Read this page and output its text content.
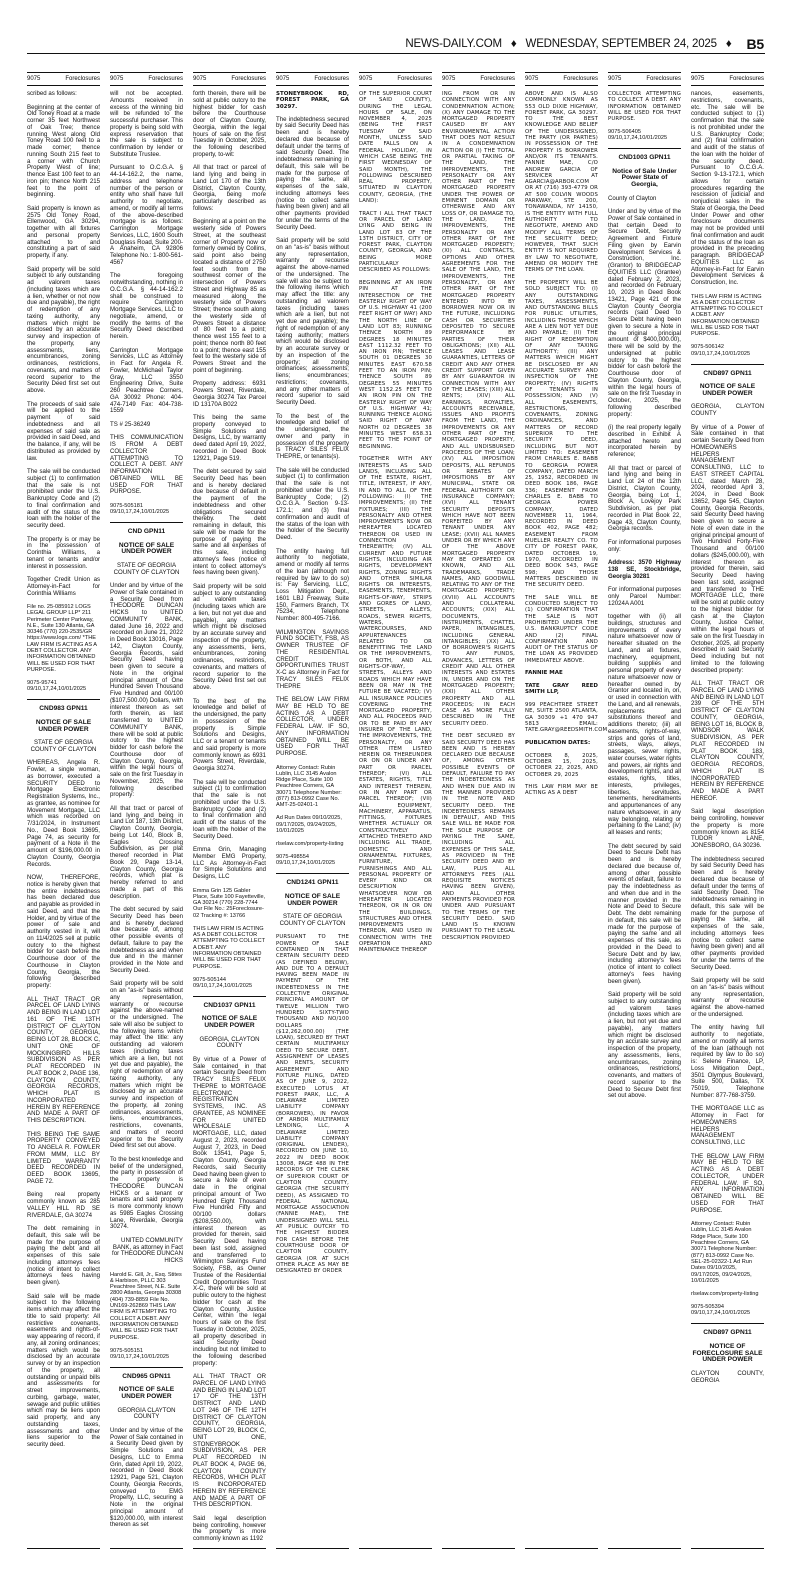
NEWS-DAILY.COM ♦ WEDNESDAY, SEPTEMBER 24, 2025 ♦ B5
9075	Foreclosures

scribed as follows:

Beginning at the center of Old Toney Road at a made corner 35 feet Northwest of Oak Tree; thence running West along Old Toney Road 100 feet to a made corner; thence running South 215 feet to a corner with Church Property West of line; thence East 100 feet to an iron pin; thence North 215 feet to the point of beginning.

Said property is known as 2575 Old Toney Road, Ellenwood, GA 30294, together with all fixtures and personal property attached to and constituting a part of said property, if any.

Said property will be sold subject to any outstanding ad valorem taxes (including taxes which are a lien, whether or not now due and payable), the right of redemption of any taxing authority, any matters which might be disclosed by an accurate survey and inspection of the property, any assessments, liens, encumbrances, zoning ordinances, restrictions, covenants, and matters of record superior to the Security Deed first set out above.

The proceeds of said sale will be applied to the payment of said indebtedness and all expenses of said sale as provided in said Deed, and the balance, if any, will be distributed as provided by law.

The sale will be conducted subject (1) to confirmation that the sale is not prohibited under the U.S. Bankruptcy Code and (2) to final confirmation and audit of the status of the loan with the holder of the security deed.

The property is or may be in the possession of Corinthia Williams, a tenant or tenants and/or interest in possession.

Together Credit Union as Attorney-in-Fact for Corinthia Williams

File no. 25-085912 LOGS LEGAL GROUP LLP* 211 Perimeter Center Parkway, N.E., Suite 130 Atlanta, GA 30346 (770) 220-2535/GR https://www.logs.com/ *THE LAW FIRM IS ACTING AS A DEBT COLLECTOR. ANY INFORMATION OBTAINED WILL BE USED FOR THAT PURPOSE.

9075-95741 09/10,17,24,10/01/2025

CND983 GPN11

NOTICE OF SALE UNDER POWER

STATE OF GEORGIA COUNTY OF CLAYTON

WHEREAS, Angela R. Fowler, a single woman, as borrower, executed a SECURITY DEED to Mortgage Electronic Registration Systems, Inc., as grantee, as nominee for Movement Mortgage, LLC which was recorded on 7/31/2024, in Instrument No., Deed Book 13695, Page 74, as security for payment of a Note in the amount of $196,000.00 in Clayton County, Georgia Records.

NOW, THEREFORE, notice is hereby given that the entire indebtedness has been declared due and payable as provided in said Deed, and that the Holder, and by virtue of the power of sale and authority vested in it, will on 11/4/2025 sell at public outcry to the highest bidder for cash before the Courthouse door of the Courthouse in Clayton County, Georgia, the following described property:

ALL THAT TRACT OR PARCEL OF LAND LYING AND BEING IN LAND LOT 161 OF THE 13TH DISTRICT OF CLAYTON COUNTY, GEORGIA, BEING LOT 28, BLOCK C, UNIT ONE OF MOCKINGBIRD HILLS SUBDIVISION AS PER PLAT RECORDED IN PLAT BOOK 2, PAGE 136, CLAYTON COUNTY, GEORGIA RECORDS, WHICH PLAT IS INCORPORATED HEREIN BY REFERENCE AND MADE A PART OF THIS DESCRIPTION.

THIS BEING THE SAME PROPERTY CONVEYED TO ANGELA R. FOWLER FROM MMM, LLC BY LIMITED WARRANTY DEED RECORDED IN DEED BOOK 13695, PAGE 72.

Being real property commonly known as 285 VALLEY HILL RD SE RIVERDALE, GA 30274

The debt remaining in default, this sale will be made for the purpose of paying the debt and all expenses of this sale including attorneys fees (notice of intent to collect attorneys fees having been given).

Said sale will be made subject to the following items which may affect the title to said property: All restrictive covenants, easements and rights-of-way appearing of record, if any, all zoning ordinances; matters which would be disclosed by an accurate survey or by an inspection of the property, all outstanding or unpaid bills and assessments for street improvements, curbing, garbage, water, sewage and public utilities which may be liens upon said property, and any outstanding taxes, assessments and other liens superior to the security deed.

9075	Foreclosures

will not be accepted. Amounts received in excess of the winning bid will be refunded to the successful purchaser. This property is being sold with express reservation that the sale is subject to confirmation by lender or Substitute Trustee.

Pursuant to O.C.G.A. § 44-14-162.2, the name, address and telephone number of the person or entity who shall have full authority to negotiate, amend, or modify all terms of the above-described mortgage is as follows: Carrington Mortgage Services, LLC, 1600 South Douglass Road, Suite 200-A Anaheim, CA 92806 Telephone No.: 1-800-561-4567

The foregoing notwithstanding, nothing in O.C.G.A. § 44-14-162.2 shall be construed to require Carrington Mortgage Services, LLC to negotiate, amend, or modify the terms of the Security Deed described herein.

Carrington Mortgage Services, LLC as Attorney in Fact for Angela R. Fowler, McMichael Taylor Gray, LLC 3550 Engineering Drive, Suite 260 Peachtree Corners, GA 30092 Phone: 404-474-7149 Fax: 404-738-1559

TS # 25-36249

THIS COMMUNICATION IS FROM A DEBT COLLECTOR ATTEMPTING TO COLLECT A DEBT. ANY INFORMATION OBTAINED WILL BE USED FOR THAT PURPOSE.

9075-505181 09/10,17,24,10/01/2025

CND GPN11

NOTICE OF SALE UNDER POWER

STATE OF GEORGIA COUNTY OF CLAYTON

Under and by virtue of the Power of Sale contained in a Security Deed from THEODORE DUNCAN HICKS to UNITED COMMUNITY BANK, dated June 16, 2022 and recorded on June 21, 2022 in Deed Book 13016, Page 142, Clayton County, Georgia Records, said Security Deed having been given to secure a Note in the original principal amount of One Hundred Seven Thousand Five Hundred and 00/100 ($107,500.00) Dollars, with interest thereon as set forth therein, as last transferred to UNITED COMMUNITY BANK, there will be sold at public outcry to the highest bidder for cash before the Courthouse door of Clayton County, Georgia, within the legal hours of sale on the first Tuesday in November, 2025, the following described property:

All that tract or parcel of land lying and being in Land Lot 187, 13th District, Clayton County, Georgia, being Lot 140, Block B, Eagles Crossing Subdivision, as per plat thereof recorded in Plat Book 29, Page 13-14, Clayton County, Georgia records, which plat is hereby referred to and made a part of this description.

The debt secured by said Security Deed has been and is hereby declared due because of, among other possible events of default, failure to pay the indebtedness as and when due and in the manner provided in the Note and Security Deed.

Said property will be sold on an "as-is" basis without any representation, warranty or recourse against the above-named or the undersigned. The sale will also be subject to the following items which may affect the title: any outstanding ad valorem taxes (including taxes which are a lien, but not yet due and payable), the right of redemption of any taxing authority, any matters which might be disclosed by an accurate survey and inspection of the property, all zoning ordinances, assessments, liens, encumbrances, restrictions, covenants, and matters of record superior to the Security Deed first set out above.

To the best knowledge and belief of the undersigned, the party in possession of the property is THEODORE DUNCAN HICKS or a tenant or tenants and said property is more commonly known as 5985 Eagles Crossing Lane, Riverdale, Georgia 30274.

UNITED COMMUNITY BANK, as attorney in Fact for THEODORE DUNCAN HICKS

Harold E. Gill, Jr., Esq. Stites & Harbison, PLLC 303 Peachtree Street, N.E. Suite 2800 Atlanta, Georgia 30308 (404) 739-8859 File No. UN169-262869 THIS LAW FIRM IS ATTEMPTING TO COLLECT A DEBT. ANY INFORMATION OBTAINED WILL BE USED FOR THAT PURPOSE.

9075-505151 09/10,17,24,10/01/2025

CND965 GPN11

NOTICE OF SALE UNDER POWER

GEORGIA CLAYTON COUNTY

Under and by virtue of the Power of Sale contained in a Security Deed given by Simple Solutions and Designs, LLC to Emma Grin, dated April 19, 2022, recorded in Deed Book 12921, Page 521, Clayton County, Georgia Records, conveyed to EMG Property, LLC, securing a Note in the original principal amount of $120,000.00, with interest thereon as set

9075	Foreclosures

forth therein, there will be sold at public outcry to the highest bidder for cash before the Courthouse door of Clayton County, Georgia, within the legal hours of sale on the first Tuesday in October, 2025, the following described property, to-wit:

All that tract or parcel of land lying and being in Land Lot 170 of the 13th District, Clayton County, Georgia, being more particularly described as follows:

Beginning at a point on the westerly side of Powers Street, at the southeast corner of Property now or formerly owned by Collins, said point also being located a distance of 2750 feet south from the southwest corner of the intersection of Powers Street and Highway 85 as measured along the westerly side of Powers Street; thence south along the westerly side of Powers Street a distance of 80 feet to a point; thence west 155 feet to a point; thence north 80 feet to a point; thence east 155 feet to the westerly side of Powers Street and the point of beginning.

Property address: 6931 Powers Street, Riverdale, Georgia 30274 Tax Parcel ID 13170A B022

This being the same property conveyed to Simple Solutions and Designs, LLC, by warranty deed dated April 19, 2022, recorded in Deed Book 12921, Page 519.

The debt secured by said Security Deed has been and is hereby declared due because of default in the payment of the indebtedness and other obligations secured thereby. The debt remaining in default, this sale will be made for the purpose of paying the same and all expenses of this sale, including attorney's fees (notice of intent to collect attorney's fees having been given).

Said property will be sold subject to any outstanding ad valorem taxes (including taxes which are a lien, but not yet due and payable), any matters which might be disclosed by an accurate survey and inspection of the property, any assessments, liens, encumbrances, zoning ordinances, restrictions, covenants, and matters of record superior to the Security Deed first set out above.

To the best of the knowledge and belief of the undersigned, the party in possession of the property is Simple Solutions and Designs, LLC or a tenant or tenants and said property is more commonly known as 6931 Powers Street, Riverdale, Georgia 30274.

The sale will be conducted subject (1) to confirmation that the sale is not prohibited under the U.S. Bankruptcy Code and (2) to final confirmation and audit of the status of the loan with the holder of the Security Deed.

Emma Grin, Managing Member EMG Property, LLC As Attorney-in-Fact for Simple Solutions and Designs, LLC

Emma Grin 125 Gabler Place, Suite 100 Fayetteville, GA 30214 (770) 228-7744 Our File No.: 25Foreclosure-02 Tracking #: 13766

THIS LAW FIRM IS ACTING AS A DEBT COLLECTOR ATTEMPTING TO COLLECT A DEBT. ANY INFORMATION OBTAINED WILL BE USED FOR THAT PURPOSE.

9075-505144 09/10,17,24,10/01/2025

CND1037 GPN11

NOTICE OF SALE UNDER POWER

GEORGIA, CLAYTON COUNTY

By virtue of a Power of Sale contained in that certain Security Deed from TRACY SILES FELIX THEPRE to MORTGAGE ELECTRONIC REGISTRATION SYSTEMS, INC. AS GRANTEE, AS NOMINEE FOR UNITED WHOLESALE MORTGAGE, LLC, dated August 2, 2023, recorded August 7, 2023, in Deed Book 13541, Page 5, Clayton County, Georgia Records, said Security Deed having been given to secure a Note of even date in the original principal amount of Two Hundred Eight Thousand Five Hundred Fifty and 00/100 dollars ($208,550.00), with interest thereon as provided for therein, said Security Deed having been last sold, assigned and transferred to Wilmington Savings Fund Society, FSB, as Owner Trustee of the Residential Credit Opportunities Trust X-C, there will be sold at public outcry to the highest bidder for cash at the Clayton County, Justice Center, within the legal hours of sale on the first Tuesday in October, 2025, all property described in said Security Deed including but not limited to the following described property:

ALL THAT TRACT OR PARCEL OF LAND LYING AND BEING IN LAND LOT 17 OF THE 13TH DISTRICT AND LAND LOT 246 OF THE 12TH DISTRICT OF CLAYTON COUNTY, GEORGIA, BEING LOT 29, BLOCK C, UNIT ONE, STONEYBROOK SUBDIVISION, AS PER PLAT RECORDED IN PLAT BOOK 4, PAGE 96, CLAYTON COUNTY RECORDS, WHICH PLAT IS INCORPORATED HEREIN BY REFERENCE AND MADE A PART OF THIS DESCRIPTION.

Said legal description being controlling, however the property is more commonly known as 1192

9075	Foreclosures

STONEYBROOK RD, FOREST PARK, GA 30297.

The indebtedness secured by said Security Deed has been and is hereby declared due because of default under the terms of said Security Deed. The indebtedness remaining in default, this sale will be made for the purpose of paying the same, all expenses of the sale, including attorneys fees (notice to collect same having been given) and all other payments provided for under the terms of the Security Deed.

Said property will be sold on an "as-is" basis without any representation, warranty or recourse against the above-named or the undersigned. The sale will also be subject to the following items which may affect the title: any outstanding ad valorem taxes (including taxes which are a lien, but not yet due and payable); the right of redemption of any taxing authority; matters which would be disclosed by an accurate survey or by an inspection of the property; all zoning ordinances; assessments; liens; encumbrances; restrictions; covenants, and any other matters of record superior to said Security Deed.

To the best of the knowledge and belief of the undersigned, the owner and party in possession of the property is TRACY SILES FELIX THEPRE, or tenants(s).

The sale will be conducted subject (1) to confirmation that the sale is not prohibited under the U.S. Bankruptcy Code; (2) O.C.G.A. Section 9-13-172.1; and (3) final confirmation and audit of the status of the loan with the holder of the Security Deed.

The entity having full authority to negotiate, amend or modify all terms of the loan (although not required by law to do so) is: Fay Servicing, LLC, Loss Mitigation Dept., 1601 LBJ Freeway, Suite 150, Farmers Branch, TX 75234, Telephone Number: 800-495-7166.

WILMINGTON SAVINGS FUND SOCIETY, FSB, AS OWNER TRUSTEE OF THE RESIDENTIAL CREDIT OPPORTUNITIES TRUST X-C as Attorney in Fact for TRACY SILES FELIX THEPRE

THE BELOW LAW FIRM MAY BE HELD TO BE ACTING AS A DEBT COLLECTOR, UNDER FEDERAL LAW. IF SO, ANY INFORMATION OBTAINED WILL BE USED FOR THAT PURPOSE.

Attorney Contact: Rubin Lublin, LLC 3145 Avalon Ridge Place, Suite 100 Peachtree Corners, GA 30071 Telephone Number: (877) 813-0992 Case No. AMT-25-02401-1

Ad Run Dates 09/10/2025, 09/17/2025, 09/24/2025, 10/01/2025

rlselaw.com/property-listing

9075-498554 09/10,17,24,10/01/2025

CND1241 GPN11

NOTICE OF SALE UNDER POWER

STATE OF GEORGIA COUNTY OF CLAYTON

PURSUANT TO THE POWER OF SALE CONTAINED IN THAT CERTAIN SECURITY DEED (AS DEFINED BELOW), AND DUE TO A DEFAULT HAVING BEEN MADE IN PAYMENT OF THE INDEBTEDNESS IN THE COLLECTIVE ORIGINAL PRINCIPAL AMOUNT OF TWELVE MILLION TWO HUNDRED SIXTY-TWO THOUSAND AND NO/100 DOLLARS ($12,262,000.00) (THE LOAN), SECURED BY THAT CERTAIN MULTIFAMILY DEED TO SECURE DEBT, ASSIGNMENT OF LEASES AND RENTS, SECURITY AGREEMENT AND FIXTURE FILING, DATED AS OF JUNE 9, 2022, EXECUTED LOTUS AT FOREST PARK, LLC, A DELAWARE LIMITED LIABILITY COMPANY (BORROWER), IN FAVOR OF ARBOR MULTIFAMILY LENDING, LLC, A DELAWARE LIMITED LIABILITY COMPANY (ORIGINAL LENDER), RECORDED ON JUNE 10, 2022 IN DEED BOOK 13008, PAGE 488 IN THE RECORDS OF THE CLERK OF SUPERIOR COURT OF CLAYTON COUNTY, GEORGIA (THE SECURITY DEED), AS ASSIGNED TO FEDERAL NATIONAL MORTGAGE ASSOCIATION (FANNIE MAE), THE UNDERSIGNED WILL SELL AT PUBLIC OUTCRY TO THE HIGHEST BIDDER FOR CASH BEFORE THE COURTHOUSE DOOR OF CLAYTON COUNTY, GEORGIA (OR AT SUCH OTHER PLACE AS MAY BE DESIGNATED BY ORDER

9075	Foreclosures

OF THE SUPERIOR COURT OF SAID COUNTY), DURING THE LEGAL HOURS OF SALE, ON NOVEMBER 4, 2025 (BEING THE FIRST TUESDAY OF SAID MONTH, UNLESS SAID DATE FALLS ON A FEDERAL HOLIDAY, IN WHICH CASE BEING THE FIRST WEDNESDAY OF SAID MONTH), THE FOLLOWING DESCRIBED REAL PROPERTY, SITUATED IN CLAYTON COUNTY, GEORGIA, (THE LAND):

TRACT I ALL THAT TRACT OR PARCEL OF LAND LYING AND BEING IN LAND LOT 83 OF THE 13TH DISTRICT, CITY OF FOREST PARK, CLAYTON COUNTY, GEORGIA, AND BEING MORE PARTICULARLY DESCRIBED AS FOLLOWS:

BEGINNING AT AN IRON PIN AT THE INTERSECTION OF THE EASTERLY RIGHT OF WAY OF U.S. HIGHWAY 41 (200 FEET RIGHT OF WAY) AND THE NORTH LINE OF LAND LOT 83; RUNNING THENCE NORTH 89 DEGREES 18 MINUTES EAST 1112.32 FEET TO AN IRON PIN; THENCE SOUTH 01 DEGREES 30 MINUTES EAST 670.58 FEET TO AN IRON PIN; THENCE SOUTH 89 DEGREES 55 MINUTES WEST 1152.25 FEET TO AN IRON PIN ON THE EASTERLY RIGHT OF WAY OF U.S. HIGHWAY 41; RUNNING THENCE ALONG SAID RIGHT OF WAY NORTH 02 DEGREES 38 MINUTES WEST 658.31 FEET TO THE POINT OF BEGINNING.

TOGETHER WITH ANY INTERESTS AS SAID LANDS, INCLUDING ALL OF THE ESTATE, RIGHT, TITLE, INTEREST, IF ANY, IN AND TO ALL OF THE FOLLOWING: (I) THE IMPROVEMENTS; (II) THE FIXTURES; (III) THE PERSONALTY AND OTHER IMPROVEMENTS NOW OR HEREAFTER LOCATED THEREON OR USED IN CONNECTION THEREWITH; (IV) ALL CURRENT AND FUTURE RIGHTS, INCLUDING AIR RIGHTS, DEVELOPMENT RIGHTS, ZONING RIGHTS AND OTHER SIMILAR RIGHTS OR INTERESTS, EASEMENTS, TENEMENTS, RIGHTS-OF-WAY, STRIPS AND GORES OF LAND, STREETS, ALLEYS, ROADS, SEWER RIGHTS, WATERS, WATERCOURSES, AND APPURTENANCES RELATED TO OR BENEFITTING THE LAND OR THE IMPROVEMENTS, OR BOTH, AND ALL RIGHTS-OF-WAY, STREETS, ALLEYS AND ROADS WHICH MAY HAVE BEEN OR MAY IN THE FUTURE BE VACATED; (V) ALL INSURANCE POLICIES COVERING THE MORTGAGED PROPERTY, AND ALL PROCEEDS PAID OR TO BE PAID BY ANY INSURER OF THE LAND, THE IMPROVEMENTS, THE PERSONALTY, OR ANY OTHER ITEM LISTED HEREIN OR THEREUNDER OR ON OR UNDER ANY PART OR PARCEL THEREOF; (VI) ALL ESTATES, RIGHTS, TITLE AND INTEREST THEREIN, OR IN ANY PART OR PARCEL THEREOF; (VII) ALL EQUIPMENT, MACHINERY, APPARATUS, FITTINGS, FIXTURES WHETHER ACTUALLY OR CONSTRUCTIVELY ATTACHED THERETO AND INCLUDING ALL TRADE, DOMESTIC AND ORNAMENTAL FIXTURES, FURNITURE, FURNISHINGS AND ALL PERSONAL PROPERTY OF EVERY KIND OR DESCRIPTION WHATSOEVER NOW OR HEREAFTER LOCATED THEREON, OR IN OR ON THE BUILDINGS, STRUCTURES AND OTHER IMPROVEMENTS THEREON, AND USED IN CONNECTION WITH THE OPERATION AND MAINTENANCE THEREOF

9075	Foreclosures

ING FROM OR IN CONNECTION WITH ANY CONDEMNATION ACTION; (X) ANY DAMAGE TO THE MORTGAGED PROPERTY CAUSED BY ANY ENVIRONMENTAL ACTION THAT DOES NOT RESULT IN A CONDEMNATION ACTION OR (I) THE TOTAL OR PARTIAL TAKING OF THE LAND, THE IMPROVEMENTS, THE PERSONALTY OR ANY OTHER PART OF THE MORTGAGED PROPERTY UNDER THE POWER OF EMINENT DOMAIN OR OTHERWISE AND ANY LOSS OF, OR DAMAGE TO, THE LAND, THE IMPROVEMENTS, THE PERSONALTY OR ANY OTHER PART OF THE MORTGAGED PROPERTY; (XI) ALL CONTRACTS, OPTIONS AND OTHER AGREEMENTS FOR THE SALE OF THE LAND, THE IMPROVEMENTS, THE PERSONALTY, OR ANY OTHER PART OF THE MORTGAGED PROPERTY ENTERED INTO BY BORROWER NOW OR IN THE FUTURE, INCLUDING CASH OR SECURITIES DEPOSITED TO SECURE PERFORMANCE BY PARTIES OF THEIR OBLIGATIONS; (XII) ALL LEASES AND LEASE GUARANTIES, LETTERS OF CREDIT AND ANY OTHER CREDIT SUPPORT GIVEN BY ANY GUARANTOR IN CONNECTION WITH ANY OF THE LEASES; (XIII) ALL RENTS; (XIV) ALL EARNINGS, ROYALTIES, ACCOUNTS RECEIVABLE, ISSUES AND PROFITS FROM THE LAND, THE IMPROVEMENTS OR ANY OTHER PART OF THE MORTGAGED PROPERTY, AND ALL UNDISBURSED PROCEEDS OF THE LOAN; (XV) ALL IMPOSITION DEPOSITS, ALL REFUNDS OR REBATES OF IMPOSITIONS BY ANY MUNICIPAL, STATE OR FEDERAL AUTHORITY OR INSURANCE COMPANY; (XVI) ALL TENANT SECURITY DEPOSITS WHICH HAVE NOT BEEN FORFEITED BY ANY TENANT UNDER ANY LEASE; (XVII) ALL NAMES UNDER OR BY WHICH ANY OF THE ABOVE MORTGAGED PROPERTY MAY BE OPERATED OR KNOWN, AND ALL TRADEMARKS, TRADE NAMES, AND GOODWILL RELATING TO ANY OF THE MORTGAGED PROPERTY; (XVIII) ALL ACCOUNTS AND COLLATERAL ACCOUNTS; (XIX) ALL DOCUMENTS, INSTRUMENTS, CHATTEL PAPER, INTANGIBLES, INCLUDING GENERAL INTANGIBLES; (XX) ALL OF BORROWER'S RIGHTS TO ANY FUNDS, ADVANCES, LETTERS OF CREDIT AND ALL OTHER INTERESTS AND ESTATES IN, UNDER AND ON THE MORTGAGED PROPERTY; (XXI) ALL OTHER PROPERTY AND ALL PROCEEDS; IN EACH CASE AS MORE FULLY DESCRIBED IN THE SECURITY DEED.

THE DEBT SECURED BY SAID SECURITY DEED HAS BEEN AND IS HEREBY DECLARED DUE BECAUSE OF, AMONG OTHER POSSIBLE EVENTS OF DEFAULT, FAILURE TO PAY THE INDEBTEDNESS AS AND WHEN DUE AND IN THE MANNER PROVIDED IN THE NOTE AND SECURITY DEED. THE INDEBTEDNESS REMAINS IN DEFAULT, AND THIS SALE WILL BE MADE FOR THE SOLE PURPOSE OF PAYING THE SAME, INCLUDING ALL EXPENSES OF THIS SALE, AS PROVIDED IN THE SECURITY DEED AND BY LAW, PLUS ALL ATTORNEYS FEES (ALL REQUISITE NOTICES HAVING BEEN GIVEN), AND ALL OTHER PAYMENTS PROVIDED FOR UNDER AND PURSUANT TO THE TERMS OF THE SECURITY DEED. SAID LAND IS KNOWN PURSUANT TO THE LEGAL DESCRIPTION PROVIDED

9075	Foreclosures

ABOVE AND IS ALSO COMMONLY KNOWN AS 553 OLD DIXIE HIGHWAY, FOREST PARK, GA 30297. TO THE BEST KNOWLEDGE AND BELIEF OF THE UNDERSIGNED, THE PARTY (OR PARTIES) IN POSSESSION OF THE PROPERTY IS BORROWER AND/OR ITS TENANTS. FANNIE MAE, C/O ANDREW GARCIA OF SERVICER AT AGARCIA@ARBOR.COM OR AT (716) 393-4779 OR AT 500 COLVIN WOODS PARKWAY, STE 200, TONAWANDA, NY 14150, IS THE ENTITY WITH FULL AUTHORITY TO NEGOTIATE, AMEND AND MODIFY ALL TERMS OF THE SECURITY DEED; HOWEVER, THAT SUCH ENTITY IS NOT REQUIRED BY LAW TO NEGOTIATE, AMEND OR MODIFY THE TERMS OF THE LOAN.

THE PROPERTY WILL BE SOLD SUBJECT TO: (I) ANY OUTSTANDING TAXES, ASSESSMENTS, AND OUTSTANDING BILLS FOR PUBLIC UTILITIES, INCLUDING THOSE WHICH ARE A LIEN NOT YET DUE AND PAYABLE; (II) THE RIGHT OF REDEMPTION OF ANY TAXING AUTHORITY; (III) ANY MATTERS WHICH MIGHT BE DISCLOSED BY AN ACCURATE SURVEY AND INSPECTION OF THE PROPERTY; (IV) RIGHTS OF TENANTS IN POSSESSION; AND (V) ALL EASEMENTS, RESTRICTIONS, COVENANTS, ZONING ORDINANCES, AND MATTERS OF RECORD SUPERIOR TO THE SECURITY DEED, INCLUDING BUT NOT LIMITED TO: EASEMENT FROM CHARLES E. BABB TO GEORGIA POWER COMPANY, DATED MARCH 25, 1952, RECORDED IN DEED BOOK 186, PAGE 336; EASEMENT FROM CHARLES E. BABB TO GEORGIA POWER COMPANY, DATED NOVEMBER 11, 1964, RECORDED IN DEED BOOK 402, PAGE 482; EASEMENT FROM MUELLER REALTY CO. TO CITY OF FOREST PARK, DATED OCTOBER 19, 1970, RECORDED IN DEED BOOK 543, PAGE 598; AND THOSE MATTERS DESCRIBED IN THE SECURITY DEED.

THE SALE WILL BE CONDUCTED SUBJECT TO (1) CONFIRMATION THAT THE SALE IS NOT PROHIBITED UNDER THE U.S. BANKRUPTCY CODE AND (2) FINAL CONFIRMATION AND AUDIT OF THE STATUS OF THE LOAN AS PROVIDED IMMEDIATELY ABOVE.

FANNIE MAE

TATE GRAY REED SMITH LLP,

999 PEACHTREE STREET NE, SUITE 2500 ATLANTA, GA 30309 +1 470 947 5813 EMAIL: TATE.GRAY@REEDSMITH.COM

PUBLICATION DATES:

OCTOBER 8, 2025, OCTOBER 15, 2025, OCTOBER 22, 2025, AND OCTOBER 29, 2025

THIS LAW FIRM MAY BE ACTING AS A DEBT

9075	Foreclosures

COLLECTOR ATTEMPTING TO COLLECT A DEBT. ANY INFORMATION OBTAINED WILL BE USED FOR THAT PURPOSE.

9075-506405 09/10,17,24,10/01/2025

CND1003 GPN11

Notice of Sale Under Power State of Georgia,

County of Clayton

Under and by virtue of the Power of Sale contained in that certain Deed to Secure Debt, Security Agreement and Fixture Filing given by Earvin Development Services & Construction, Inc. (Grantor) to BRIDGECAP EQUITIES LLC (Grantee) dated February 2, 2023, and recorded on February 10, 2023 in Deed Book 13421, Page 421 of the Clayton County Georgia records (said Deed to Secure Debt having been given to secure a Note in the original principal amount of $400,000.00), there will be sold by the undersigned at public outcry to the highest bidder for cash before the Courthouse door of Clayton County, Georgia, within the legal hours of sale on the first Tuesday in October, 2025, the following described property:

(i) the real property legally described in Exhibit A attached hereto and incorporated herein by reference;

All that tract or parcel of land lying and being in Land Lot 24 of the 12th District, Clayton County, Georgia, being Lot 1, Block A, Lovejoy Park Subdivision, as per plat recorded in Plat Book 22, Page 43, Clayton County, Georgia records.

For informational purposes only:

Address: 3570 Highway 138 SE, Stockbridge, Georgia 30281

For informational purposes only Parcel Number: 12024A A001

together with (ii) all buildings, structures and improvements of every nature whatsoever now or hereafter situated on the Land, and all fixtures, machinery, equipment, building supplies and personal property of every nature whatsoever now or hereafter owned by Grantor and located in, on, or used in connection with the Land, and all renewals, replacements and substitutions thereof and additions thereto; (iii) all easements, rights-of-way, strips and gores of land, streets, ways, alleys, passages, sewer rights, water courses, water rights and powers, air rights and development rights, and all estates, rights, titles, interests, privileges, liberties, servitudes, tenements, hereditaments and appurtenances of any nature whatsoever, in any way belonging, relating or pertaining to the Land; (iv) all leases and rents;

The debt secured by said Deed to Secure Debt has been and is hereby declared due because of, among other possible events of default, failure to pay the indebtedness as and when due and in the manner provided in the Note and Deed to Secure Debt. The debt remaining in default, this sale will be made for the purpose of paying the same and all expenses of this sale, as provided in the Deed to Secure Debt and by law, including attorney's fees (notice of intent to collect attorney's fees having been given).

Said property will be sold subject to any outstanding ad valorem taxes (including taxes which are a lien, but not yet due and payable), any matters which might be disclosed by an accurate survey and inspection of the property, any assessments, liens, encumbrances, zoning ordinances, restrictions, covenants, and matters of record superior to the Deed to Secure Debt first set out above.

9075	Foreclosures

nances, easements, restrictions, covenants, etc. The sale will be conducted subject to (1) confirmation that the sale is not prohibited under the U.S. Bankruptcy Code; and (2) final confirmation and audit of the status of the loan with the holder of the security deed. Pursuant to O.C.G.A. Section 9-13-172.1, which allows for certain procedures regarding the rescission of judicial and nonjudicial sales in the State of Georgia, the Deed Under Power and other foreclosure documents may not be provided until final confirmation and audit of the status of the loan as provided in the preceding paragraph. BRIDGECAP EQUITIES LLC as Attorney-in-Fact for Earvin Development Services & Construction, Inc.

THIS LAW FIRM IS ACTING AS A DEBT COLLECTOR ATTEMPTING TO COLLECT A DEBT. ANY INFORMATION OBTAINED WILL BE USED FOR THAT PURPOSE.

9075-506142 09/10,17,24,10/01/2025

CND897 GPN11

NOTICE OF SALE UNDER POWER

GEORGIA, CLAYTON COUNTY

By virtue of a Power of Sale contained in that certain Security Deed from HOMEOWNERS HELPERS MANAGEMENT CONSULTING, LLC to EAST STREET CAPITAL LLC, dated March 28, 2024, recorded April 3, 2024, in Deed Book 13652, Page 545, Clayton County, Georgia Records, said Security Deed having been given to secure a Note of even date in the original principal amount of Two Hundred Forty-Five Thousand and 00/100 dollars ($245,000.00), with interest thereon as provided for therein, said Security Deed having been last sold, assigned and transferred to THE MORTGAGE LLC, there will be sold at public outcry to the highest bidder for cash at the Clayton County, Justice Center, within the legal hours of sale on the first Tuesday in October, 2025, all property described in said Security Deed including but not limited to the following described property:

ALL THAT TRACT OR PARCEL OF LAND LYING AND BEING IN LAND LOT 239 OF THE 5TH DISTRICT OF CLAYTON COUNTY, GEORGIA, BEING LOT 16, BLOCK B, WINDSOR WALK SUBDIVISION, AS PER PLAT RECORDED IN PLAT BOOK 183, CLAYTON COUNTY, GEORGIA RECORDS, WHICH PLAT IS INCORPORATED HEREIN BY REFERENCE AND MADE A PART HEREOF.

Said legal description being controlling, however the property is more commonly known as 8154 TUDOR LANE, JONESBORO, GA 30236.

The indebtedness secured by said Security Deed has been and is hereby declared due because of default under the terms of said Security Deed. The indebtedness remaining in default, this sale will be made for the purpose of paying the same, all expenses of the sale, including attorneys fees (notice to collect same having been given) and all other payments provided for under the terms of the Security Deed.

Said property will be sold on an "as-is" basis without any representation, warranty or recourse against the above-named or the undersigned.

The entity having full authority to negotiate, amend or modify all terms of the loan (although not required by law to do so) is: Selene Finance, LP, Loss Mitigation Dept., 3501 Olympus Boulevard, Suite 500, Dallas, TX 75019, Telephone Number: 877-768-3759.

THE MORTGAGE LLC as Attorney in Fact for HOMEOWNERS HELPERS MANAGEMENT CONSULTING, LLC

THE BELOW LAW FIRM MAY BE HELD TO BE ACTING AS A DEBT COLLECTOR, UNDER FEDERAL LAW. IF SO, ANY INFORMATION OBTAINED WILL BE USED FOR THAT PURPOSE.

Attorney Contact: Rubin Lublin, LLC 3145 Avalon Ridge Place, Suite 100 Peachtree Corners, GA 30071 Telephone Number: (877) 813-0992 Case No. SEL-25-02322-1 Ad Run Dates 09/10/2025, 09/17/2025, 09/24/2025, 10/01/2025

rlselaw.com/property-listing

9075-505394 09/10,17,24,10/01/2025

CND897 GPN11

NOTICE OF FORECLOSURE SALE UNDER POWER

CLAYTON COUNTY, GEORGIA
